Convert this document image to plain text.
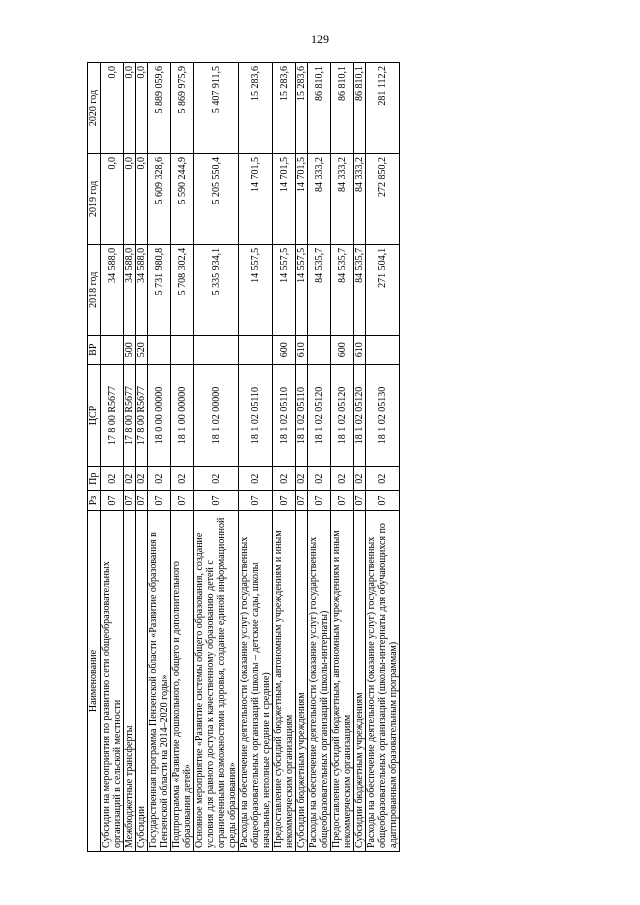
129
Наименование	Рз	Пр	ЦСР	ВР	2018 год	2019 год	2020 год
Субсидии на мероприятия по развитию сети общеобразовательных организаций в сельской местности	07	02	17 8 00 R5677		34 588,0	0,0	0,0
Межбюджетные трансферты	07	02	17 8 00 R5677	500	34 588,0	0,0	0,0
Субсидии	07	02	17 8 00 R5677	520	34 588,0	0,0	0,0
Государственная программа Пензенской области «Развитие образования в Пензенской области на 2014–2020 годы»	07	02	18 0 00 00000		5 731 980,8	5 609 328,6	5 889 059,6
Подпрограмма «Развитие дошкольного, общего и дополнительного образования детей»	07	02	18 1 00 00000		5 708 302,4	5 590 244,9	5 869 975,9
Основное мероприятие «Развитие системы общего образования, создание условия для равного доступа к качественному образованию детей с ограниченными возможностями здоровья, создание единой информационной среды образования»	07	02	18 1 02 00000		5 335 934,1	5 205 550,4	5 407 911,5
Расходы на обеспечение деятельности (оказание услуг) государственных общеобразовательных организаций (школы – детские сады, школы начальные, неполные средние и средние)	07	02	18 1 02 05110		14 557,5	14 701,5	15 283,6
Предоставление субсидий бюджетным, автономным учреждениям и иным некоммерческим организациям	07	02	18 1 02 05110	600	14 557,5	14 701,5	15 283,6
Субсидии бюджетным учреждениям	07	02	18 1 02 05110	610	14 557,5	14 701,5	15 283,6
Расходы на обеспечение деятельности (оказание услуг) государственных общеобразовательных организаций (школы-интернаты)	07	02	18 1 02 05120		84 535,7	84 333,2	86 810,1
Предоставление субсидий бюджетным, автономным учреждениям и иным некоммерческим организациям	07	02	18 1 02 05120	600	84 535,7	84 333,2	86 810,1
Субсидии бюджетным учреждениям	07	02	18 1 02 05120	610	84 535,7	84 333,2	86 810,1
Расходы на обеспечение деятельности (оказание услуг) государственных общеобразовательных организаций (школы-интернаты для обучающихся по адаптированным образовательным программам)	07	02	18 1 02 05130		271 504,1	272 850,2	281 112,2
